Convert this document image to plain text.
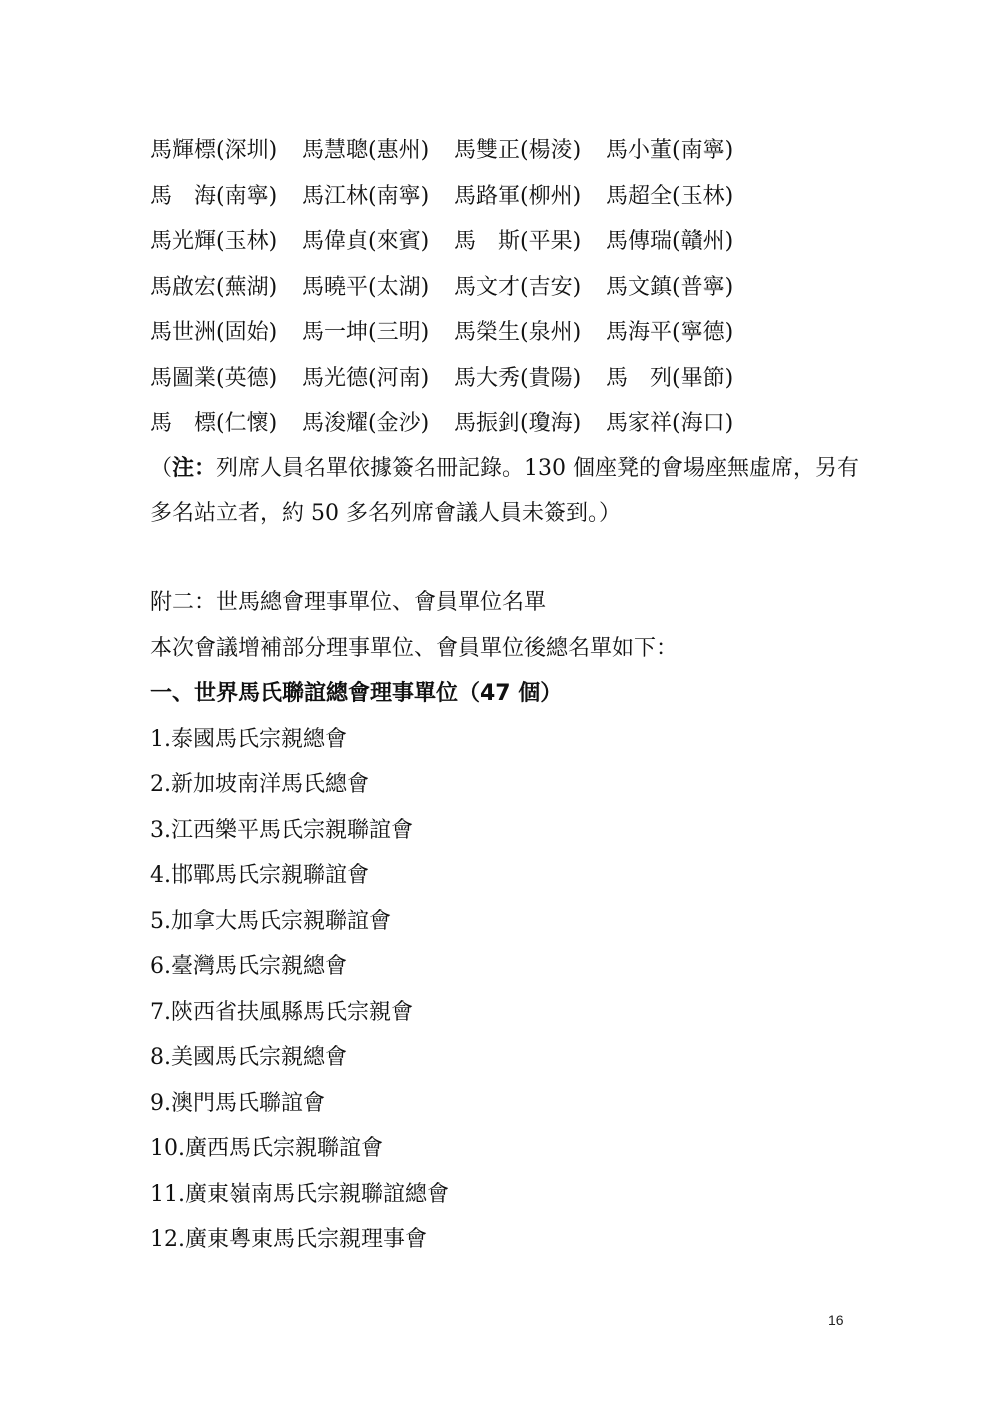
馬輝標(深圳) 馬慧聰(惠州) 馬雙正(楊淩) 馬小董(南寧)
馬　海(南寧) 馬江林(南寧) 馬路軍(柳州) 馬超全(玉林)
馬光輝(玉林) 馬偉貞(來賓) 馬　斯(平果) 馬傳瑞(贛州)
馬啟宏(蕪湖) 馬曉平(太湖) 馬文才(吉安) 馬文鎮(普寧)
馬世洲(固始) 馬一坤(三明) 馬榮生(泉州) 馬海平(寧德)
馬圖業(英德) 馬光德(河南) 馬大秀(貴陽) 馬　列(畢節)
馬　標(仁懷) 馬浚耀(金沙) 馬振釗(瓊海) 馬家祥(海口)
（注：列席人員名單依據簽名冊記錄。130 個座凳的會場座無虛席，另有多名站立者，約 50 多名列席會議人員未簽到。）
附二：世馬總會理事單位、會員單位名單
本次會議增補部分理事單位、會員單位後總名單如下：
一、世界馬氏聯誼總會理事單位（47 個）
1.泰國馬氏宗親總會
2.新加坡南洋馬氏總會
3.江西樂平馬氏宗親聯誼會
4.邯鄲馬氏宗親聯誼會
5.加拿大馬氏宗親聯誼會
6.臺灣馬氏宗親總會
7.陝西省扶風縣馬氏宗親會
8.美國馬氏宗親總會
9.澳門馬氏聯誼會
10.廣西馬氏宗親聯誼會
11.廣東嶺南馬氏宗親聯誼總會
12.廣東粵東馬氏宗親理事會
16
